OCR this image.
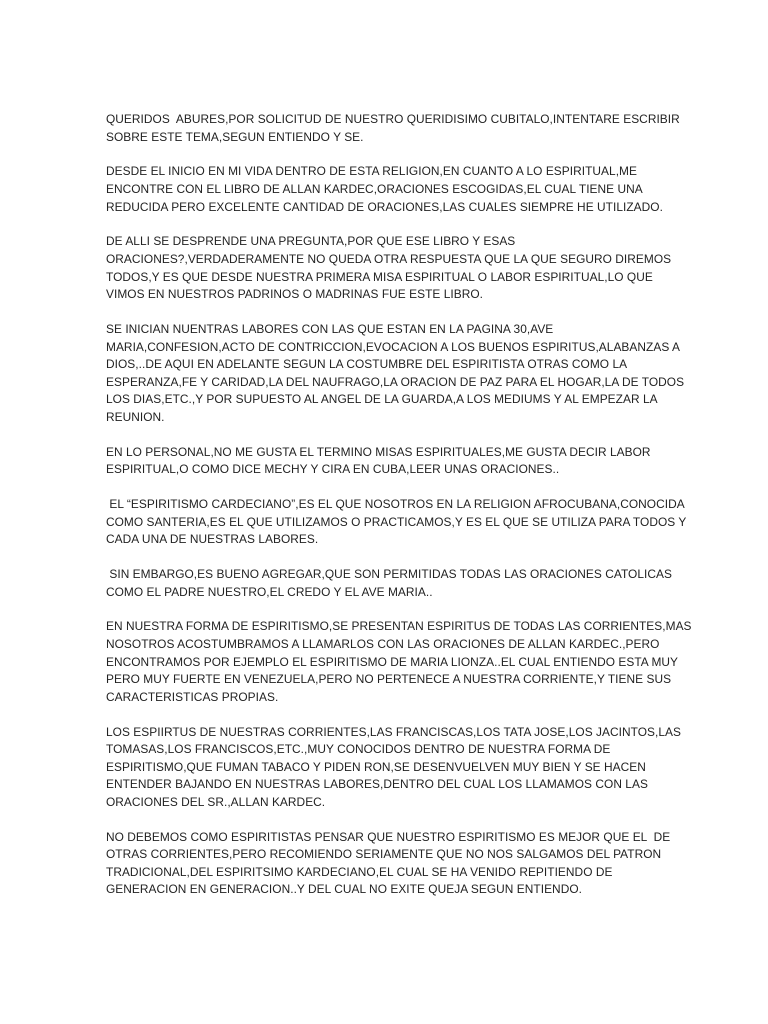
QUERIDOS  ABURES,POR SOLICITUD DE NUESTRO QUERIDISIMO CUBITALO,INTENTARE ESCRIBIR
SOBRE ESTE TEMA,SEGUN ENTIENDO Y SE.

DESDE EL INICIO EN MI VIDA DENTRO DE ESTA RELIGION,EN CUANTO A LO ESPIRITUAL,ME
ENCONTRE CON EL LIBRO DE ALLAN KARDEC,ORACIONES ESCOGIDAS,EL CUAL TIENE UNA
REDUCIDA PERO EXCELENTE CANTIDAD DE ORACIONES,LAS CUALES SIEMPRE HE UTILIZADO.

DE ALLI SE DESPRENDE UNA PREGUNTA,POR QUE ESE LIBRO Y ESAS
ORACIONES?,VERDADERAMENTE NO QUEDA OTRA RESPUESTA QUE LA QUE SEGURO DIREMOS
TODOS,Y ES QUE DESDE NUESTRA PRIMERA MISA ESPIRITUAL O LABOR ESPIRITUAL,LO QUE
VIMOS EN NUESTROS PADRINOS O MADRINAS FUE ESTE LIBRO.

SE INICIAN NUENTRAS LABORES CON LAS QUE ESTAN EN LA PAGINA 30,AVE
MARIA,CONFESION,ACTO DE CONTRICCION,EVOCACION A LOS BUENOS ESPIRITUS,ALABANZAS A
DIOS,..DE AQUI EN ADELANTE SEGUN LA COSTUMBRE DEL ESPIRITISTA OTRAS COMO LA
ESPERANZA,FE Y CARIDAD,LA DEL NAUFRAGO,LA ORACION DE PAZ PARA EL HOGAR,LA DE TODOS
LOS DIAS,ETC.,Y POR SUPUESTO AL ANGEL DE LA GUARDA,A LOS MEDIUMS Y AL EMPEZAR LA
REUNION.

EN LO PERSONAL,NO ME GUSTA EL TERMINO MISAS ESPIRITUALES,ME GUSTA DECIR LABOR
ESPIRITUAL,O COMO DICE MECHY Y CIRA EN CUBA,LEER UNAS ORACIONES..

EL “ESPIRITISMO CARDECIANO”,ES EL QUE NOSOTROS EN LA RELIGION AFROCUBANA,CONOCIDA
COMO SANTERIA,ES EL QUE UTILIZAMOS O PRACTICAMOS,Y ES EL QUE SE UTILIZA PARA TODOS Y
CADA UNA DE NUESTRAS LABORES.

SIN EMBARGO,ES BUENO AGREGAR,QUE SON PERMITIDAS TODAS LAS ORACIONES CATOLICAS
COMO EL PADRE NUESTRO,EL CREDO Y EL AVE MARIA..

EN NUESTRA FORMA DE ESPIRITISMO,SE PRESENTAN ESPIRITUS DE TODAS LAS CORRIENTES,MAS
NOSOTROS ACOSTUMBRAMOS A LLAMARLOS CON LAS ORACIONES DE ALLAN KARDEC.,PERO
ENCONTRAMOS POR EJEMPLO EL ESPIRITISMO DE MARIA LIONZA..EL CUAL ENTIENDO ESTA MUY
PERO MUY FUERTE EN VENEZUELA,PERO NO PERTENECE A NUESTRA CORRIENTE,Y TIENE SUS
CARACTERISTICAS PROPIAS.

LOS ESPIIRTUS DE NUESTRAS CORRIENTES,LAS FRANCISCAS,LOS TATA JOSE,LOS JACINTOS,LAS
TOMASAS,LOS FRANCISCOS,ETC.,MUY CONOCIDOS DENTRO DE NUESTRA FORMA DE
ESPIRITISMO,QUE FUMAN TABACO Y PIDEN RON,SE DESENVUELVEN MUY BIEN Y SE HACEN
ENTENDER BAJANDO EN NUESTRAS LABORES,DENTRO DEL CUAL LOS LLAMAMOS CON LAS
ORACIONES DEL SR.,ALLAN KARDEC.

NO DEBEMOS COMO ESPIRITISTAS PENSAR QUE NUESTRO ESPIRITISMO ES MEJOR QUE EL  DE
OTRAS CORRIENTES,PERO RECOMIENDO SERIAMENTE QUE NO NOS SALGAMOS DEL PATRON
TRADICIONAL,DEL ESPIRITSIMO KARDECIANO,EL CUAL SE HA VENIDO REPITIENDO DE
GENERACION EN GENERACION..Y DEL CUAL NO EXITE QUEJA SEGUN ENTIENDO.
